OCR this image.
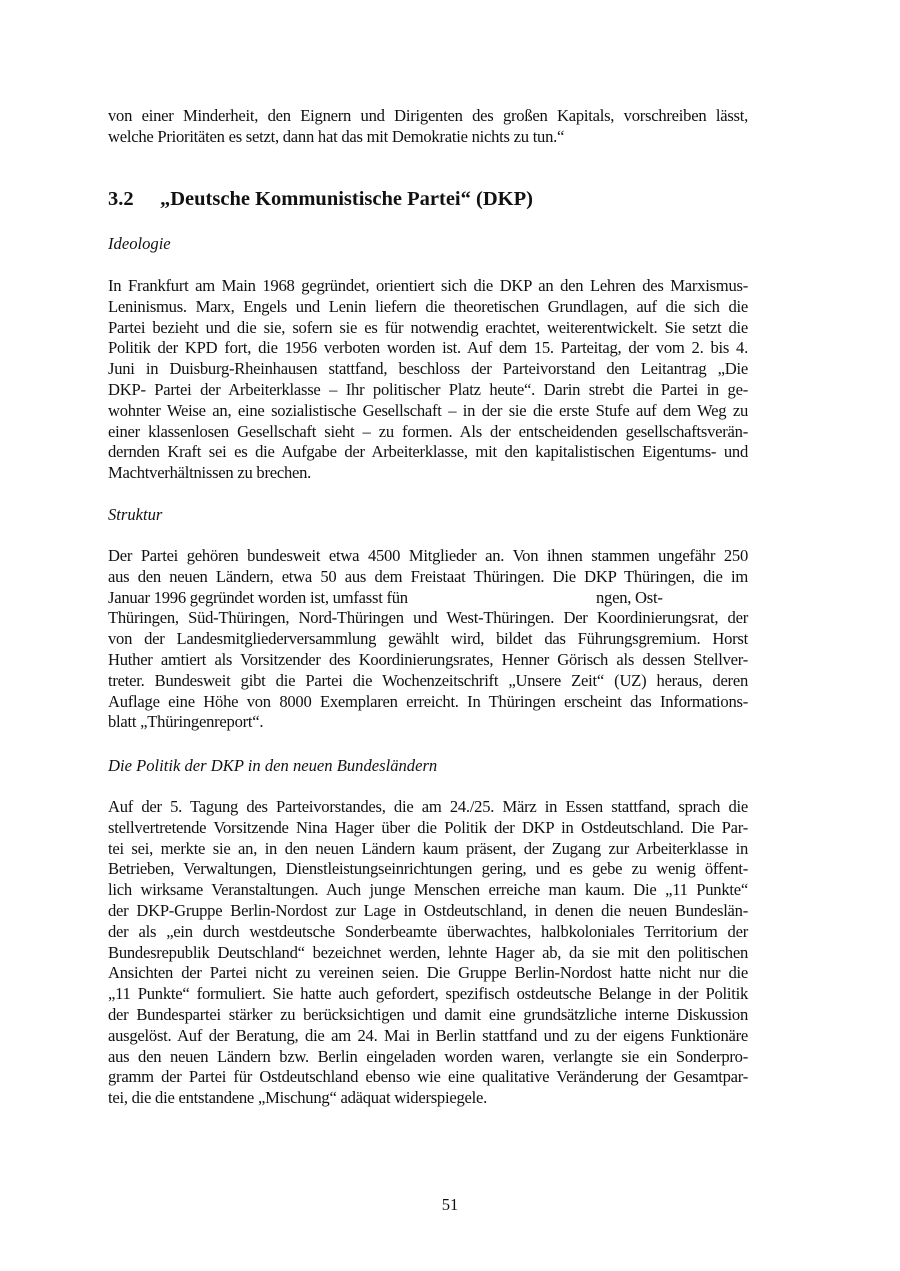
von einer Minderheit, den Eignern und Dirigenten des großen Kapitals, vorschreiben lässt,
welche Prioritäten es setzt, dann hat das mit Demokratie nichts zu tun.“
3.2 „Deutsche Kommunistische Partei“ (DKP)
Ideologie
In Frankfurt am Main 1968 gegründet, orientiert sich die DKP an den Lehren des Marxismus-
Leninismus. Marx, Engels und Lenin liefern die theoretischen Grundlagen, auf die sich die
Partei bezieht und die sie, sofern sie es für notwendig erachtet, weiterentwickelt. Sie setzt die
Politik der KPD fort, die 1956 verboten worden ist. Auf dem 15. Parteitag, der vom 2. bis 4.
Juni in Duisburg-Rheinhausen stattfand, beschloss der Parteivorstand den Leitantrag „Die
DKP- Partei der Arbeiterklasse – Ihr politischer Platz heute“. Darin strebt die Partei in ge-
wohnter Weise an, eine sozialistische Gesellschaft – in der sie die erste Stufe auf dem Weg zu
einer klassenlosen Gesellschaft sieht – zu formen. Als der entscheidenden gesellschaftsverän-
dernden Kraft sei es die Aufgabe der Arbeiterklasse, mit den kapitalistischen Eigentums- und
Machtverhältnissen zu brechen.
Struktur
Der Partei gehören bundesweit etwa 4500 Mitglieder an. Von ihnen stammen ungefähr 250
aus den neuen Ländern, etwa 50 aus dem Freistaat Thüringen. Die DKP Thüringen, die im
Januar 1996 gegründet worden ist, umfasst fün	ngen, Ost-
Thüringen, Süd-Thüringen, Nord-Thüringen und West-Thüringen. Der Koordinierungsrat, der
von der Landesmitgliederversammlung gewählt wird, bildet das Führungsgremium. Horst
Huther amtiert als Vorsitzender des Koordinierungsrates, Henner Görisch als dessen Stellver-
treter. Bundesweit gibt die Partei die Wochenzeitschrift „Unsere Zeit“ (UZ) heraus, deren
Auflage eine Höhe von 8000 Exemplaren erreicht. In Thüringen erscheint das Informations-
blatt „Thüringenreport“.
Die Politik der DKP in den neuen Bundesländern
Auf der 5. Tagung des Parteivorstandes, die am 24./25. März in Essen stattfand, sprach die
stellvertretende Vorsitzende Nina Hager über die Politik der DKP in Ostdeutschland. Die Par-
tei sei, merkte sie an, in den neuen Ländern kaum präsent, der Zugang zur Arbeiterklasse in
Betrieben, Verwaltungen, Dienstleistungseinrichtungen gering, und es gebe zu wenig öffent-
lich wirksame Veranstaltungen. Auch junge Menschen erreiche man kaum. Die „11 Punkte“
der DKP-Gruppe Berlin-Nordost zur Lage in Ostdeutschland, in denen die neuen Bundeslän-
der als „ein durch westdeutsche Sonderbeamte überwachtes, halbkoloniales Territorium der
Bundesrepublik Deutschland“ bezeichnet werden, lehnte Hager ab, da sie mit den politischen
Ansichten der Partei nicht zu vereinen seien. Die Gruppe Berlin-Nordost hatte nicht nur die
„11 Punkte“ formuliert. Sie hatte auch gefordert, spezifisch ostdeutsche Belange in der Politik
der Bundespartei stärker zu berücksichtigen und damit eine grundsätzliche interne Diskussion
ausgelöst. Auf der Beratung, die am 24. Mai in Berlin stattfand und zu der eigens Funktionäre
aus den neuen Ländern bzw. Berlin eingeladen worden waren, verlangte sie ein Sonderpro-
gramm der Partei für Ostdeutschland ebenso wie eine qualitative Veränderung der Gesamtpar-
tei, die die entstandene „Mischung“ adäquat widerspiegele.
51
